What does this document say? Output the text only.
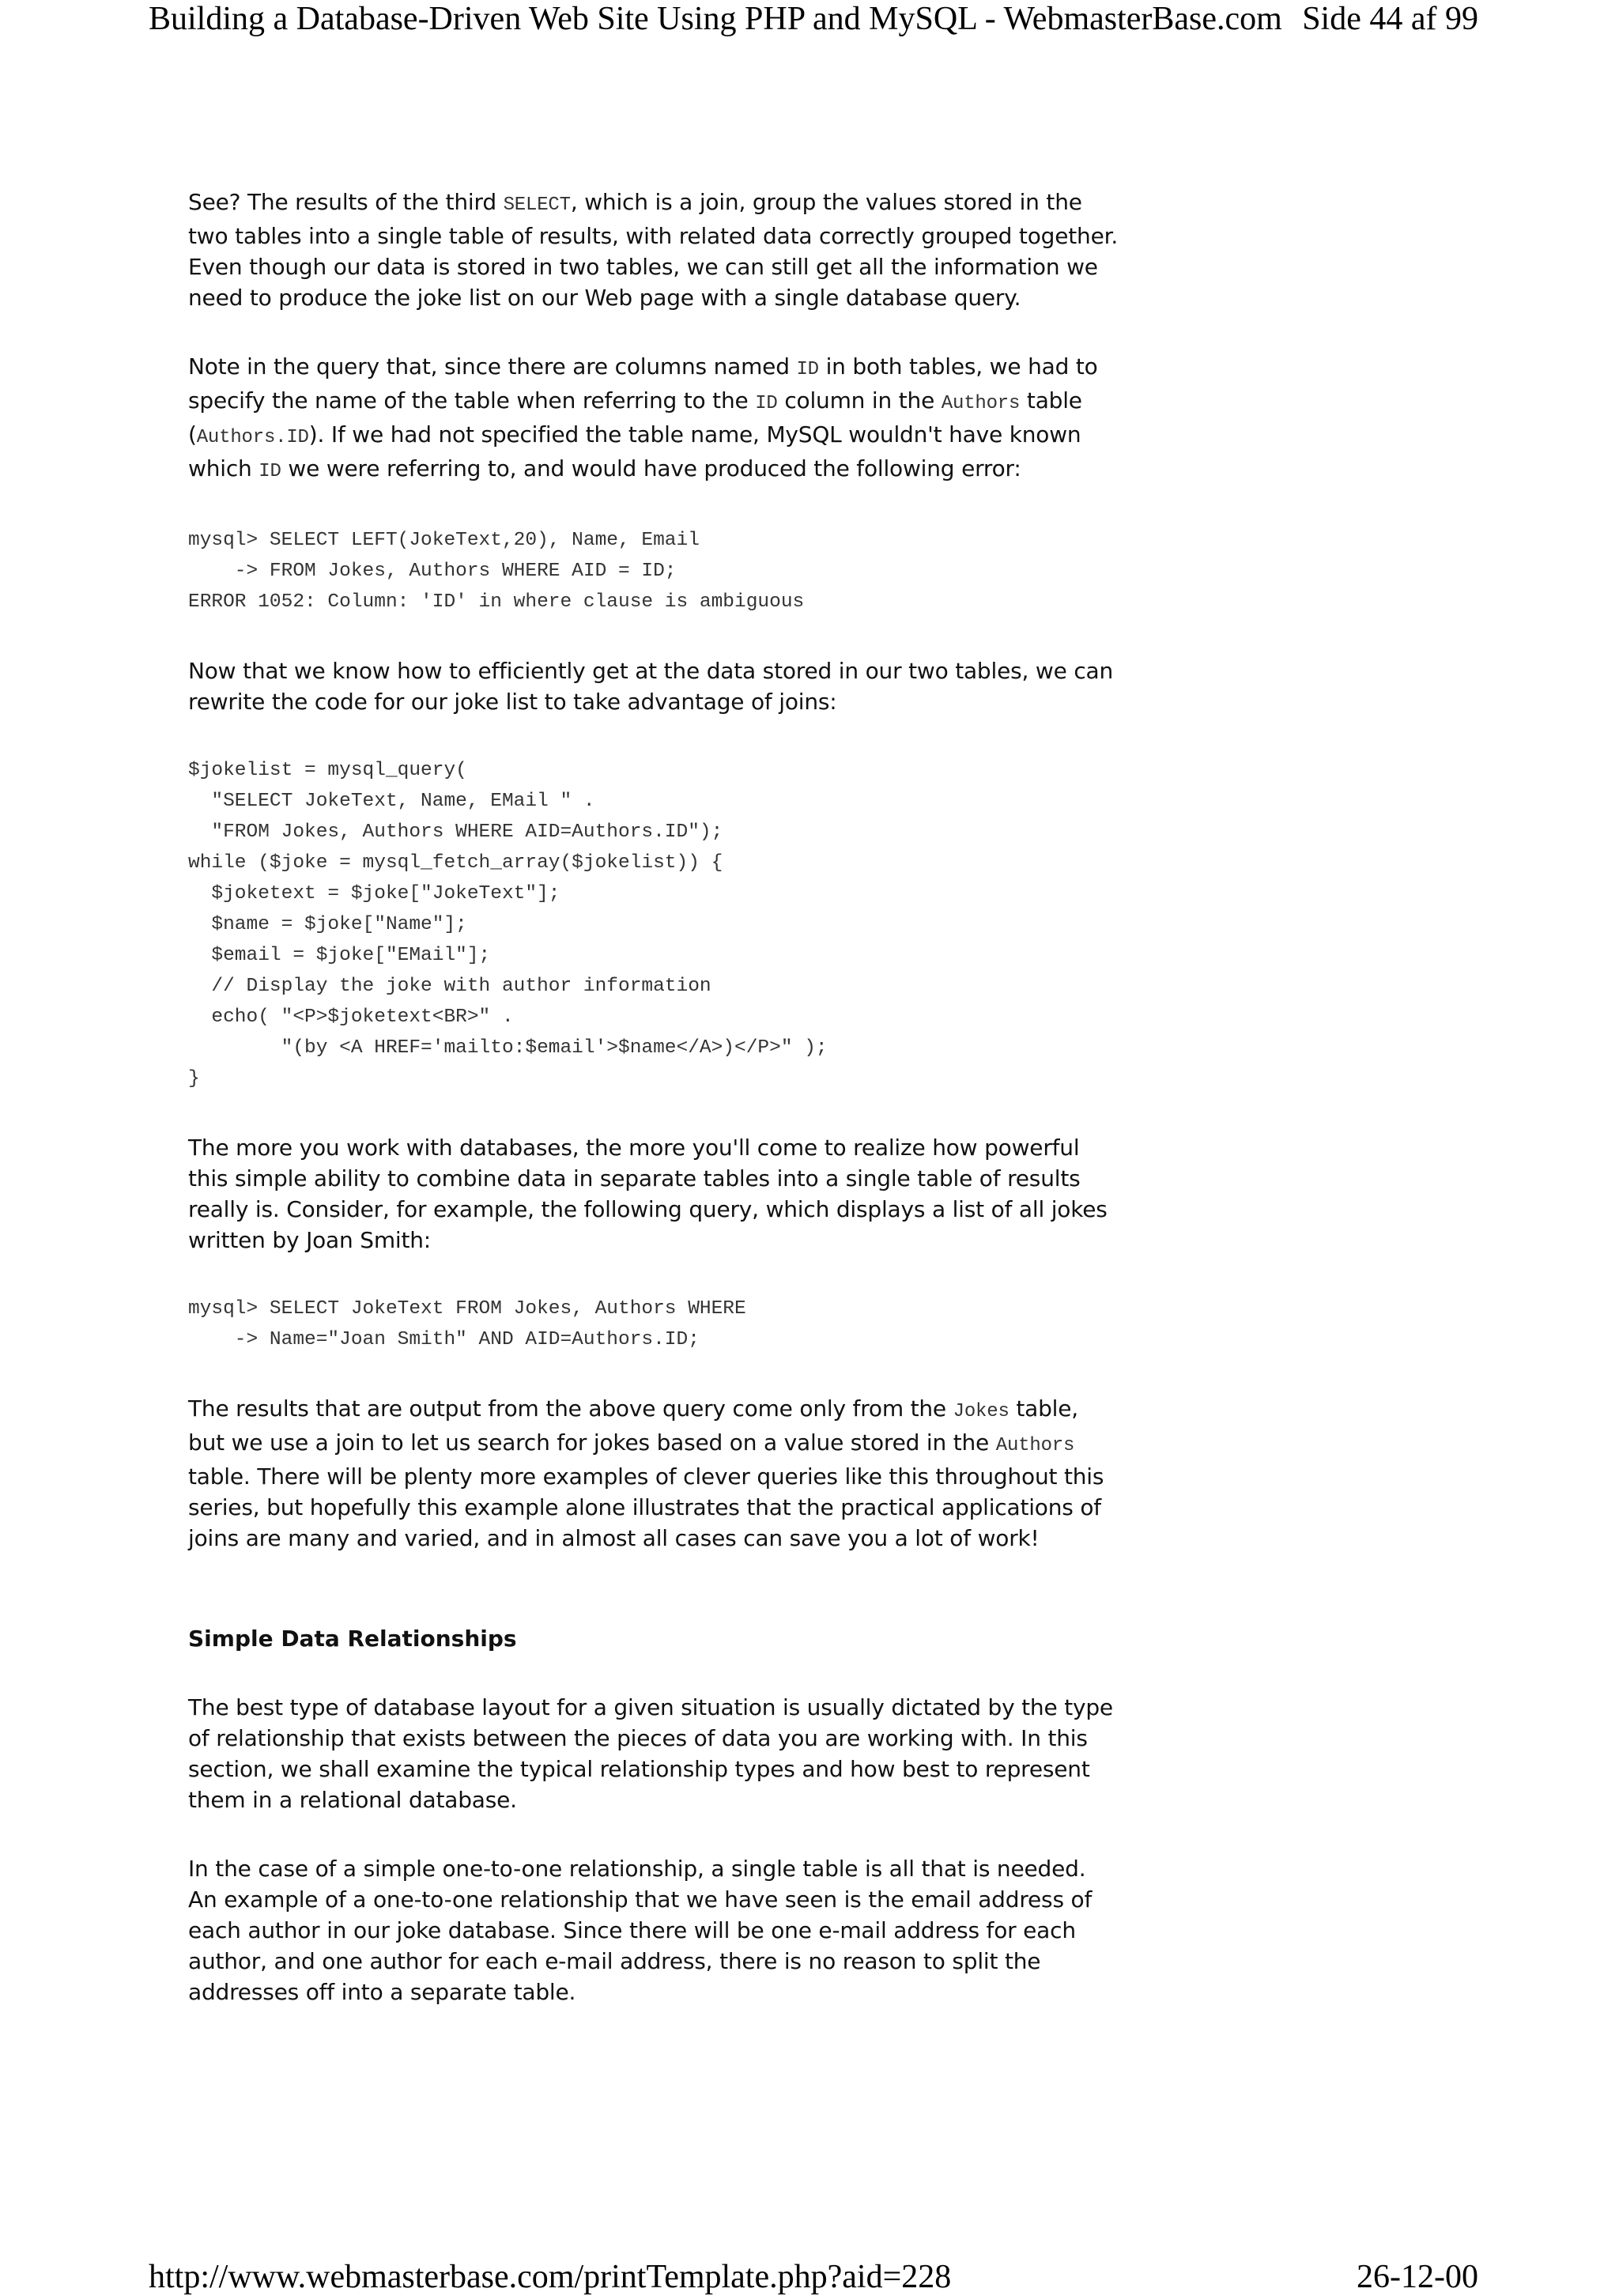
Building a Database-Driven Web Site Using PHP and MySQL - WebmasterBase.com Side 44 af 99

See? The results of the third SELECT, which is a join, group the values stored in the two tables into a single table of results, with related data correctly grouped together. Even though our data is stored in two tables, we can still get all the information we need to produce the joke list on our Web page with a single database query.

Note in the query that, since there are columns named ID in both tables, we had to specify the name of the table when referring to the ID column in the Authors table (Authors.ID). If we had not specified the table name, MySQL wouldn't have known which ID we were referring to, and would have produced the following error:

mysql> SELECT LEFT(JokeText,20), Name, Email
-> FROM Jokes, Authors WHERE AID = ID;
ERROR 1052: Column: 'ID' in where clause is ambiguous

Now that we know how to efficiently get at the data stored in our two tables, we can rewrite the code for our joke list to take advantage of joins:

$jokelist = mysql_query(
"SELECT JokeText, Name, EMail " .
"FROM Jokes, Authors WHERE AID=Authors.ID");
while ($joke = mysql_fetch_array($jokelist)) {
$joketext = $joke["JokeText"];
$name = $joke["Name"];
$email = $joke["EMail"];
// Display the joke with author information
echo( "<P>$joketext<BR>" .
"(by <A HREF='mailto:$email'>$name</A>)</P>" );
}

The more you work with databases, the more you'll come to realize how powerful this simple ability to combine data in separate tables into a single table of results really is. Consider, for example, the following query, which displays a list of all jokes written by Joan Smith:

mysql> SELECT JokeText FROM Jokes, Authors WHERE
-> Name="Joan Smith" AND AID=Authors.ID;

The results that are output from the above query come only from the Jokes table, but we use a join to let us search for jokes based on a value stored in the Authors table. There will be plenty more examples of clever queries like this throughout this series, but hopefully this example alone illustrates that the practical applications of joins are many and varied, and in almost all cases can save you a lot of work!

Simple Data Relationships

The best type of database layout for a given situation is usually dictated by the type of relationship that exists between the pieces of data you are working with. In this section, we shall examine the typical relationship types and how best to represent them in a relational database.

In the case of a simple one-to-one relationship, a single table is all that is needed. An example of a one-to-one relationship that we have seen is the email address of each author in our joke database. Since there will be one e-mail address for each author, and one author for each e-mail address, there is no reason to split the addresses off into a separate table.

http://www.webmasterbase.com/printTemplate.php?aid=228	26-12-00
